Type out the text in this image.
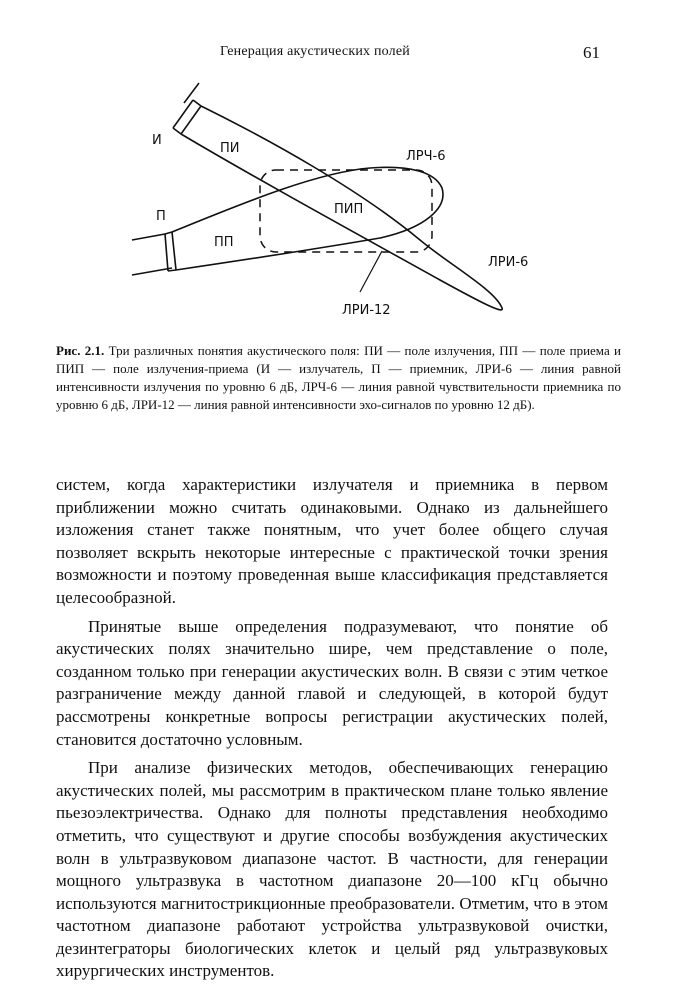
Генерация акустических полей	61
И
ПИ
П
ПП
ПИП
ЛРЧ-6
ЛРИ-6
ЛРИ-12
Рис. 2.1. Три различных понятия акустического поля: ПИ — поле излучения, ПП — поле приема и ПИП — поле излучения-приема (И — излучатель, П — приемник, ЛРИ-6 — линия равной интенсивности излучения по уровню 6 дБ, ЛРЧ-6 — линия равной чувствительности приемника по уровню 6 дБ, ЛРИ-12 — линия равной интенсивности эхо-сигналов по уровню 12 дБ).

систем, когда характеристики излучателя и приемника в первом приближении можно считать одинаковыми. Однако из дальнейшего изложения станет также понятным, что учет более общего случая позволяет вскрыть некоторые интересные с практической точки зрения возможности и поэтому проведенная выше классификация представляется целесообразной.

Принятые выше определения подразумевают, что понятие об акустических полях значительно шире, чем представление о поле, созданном только при генерации акустических волн. В связи с этим четкое разграничение между данной главой и следующей, в которой будут рассмотрены конкретные вопросы регистрации акустических полей, становится достаточно условным.

При анализе физических методов, обеспечивающих генерацию акустических полей, мы рассмотрим в практическом плане только явление пьезоэлектричества. Однако для полноты представления необходимо отметить, что существуют и другие способы возбуждения акустических волн в ультразвуковом диапазоне частот. В частности, для генерации мощного ультразвука в частотном диапазоне 20—100 кГц обычно используются магнитострикционные преобразователи. Отметим, что в этом частотном диапазоне работают устройства ультразвуковой очистки, дезинтеграторы биологических клеток и целый ряд ультразвуковых хирургических инструментов.
